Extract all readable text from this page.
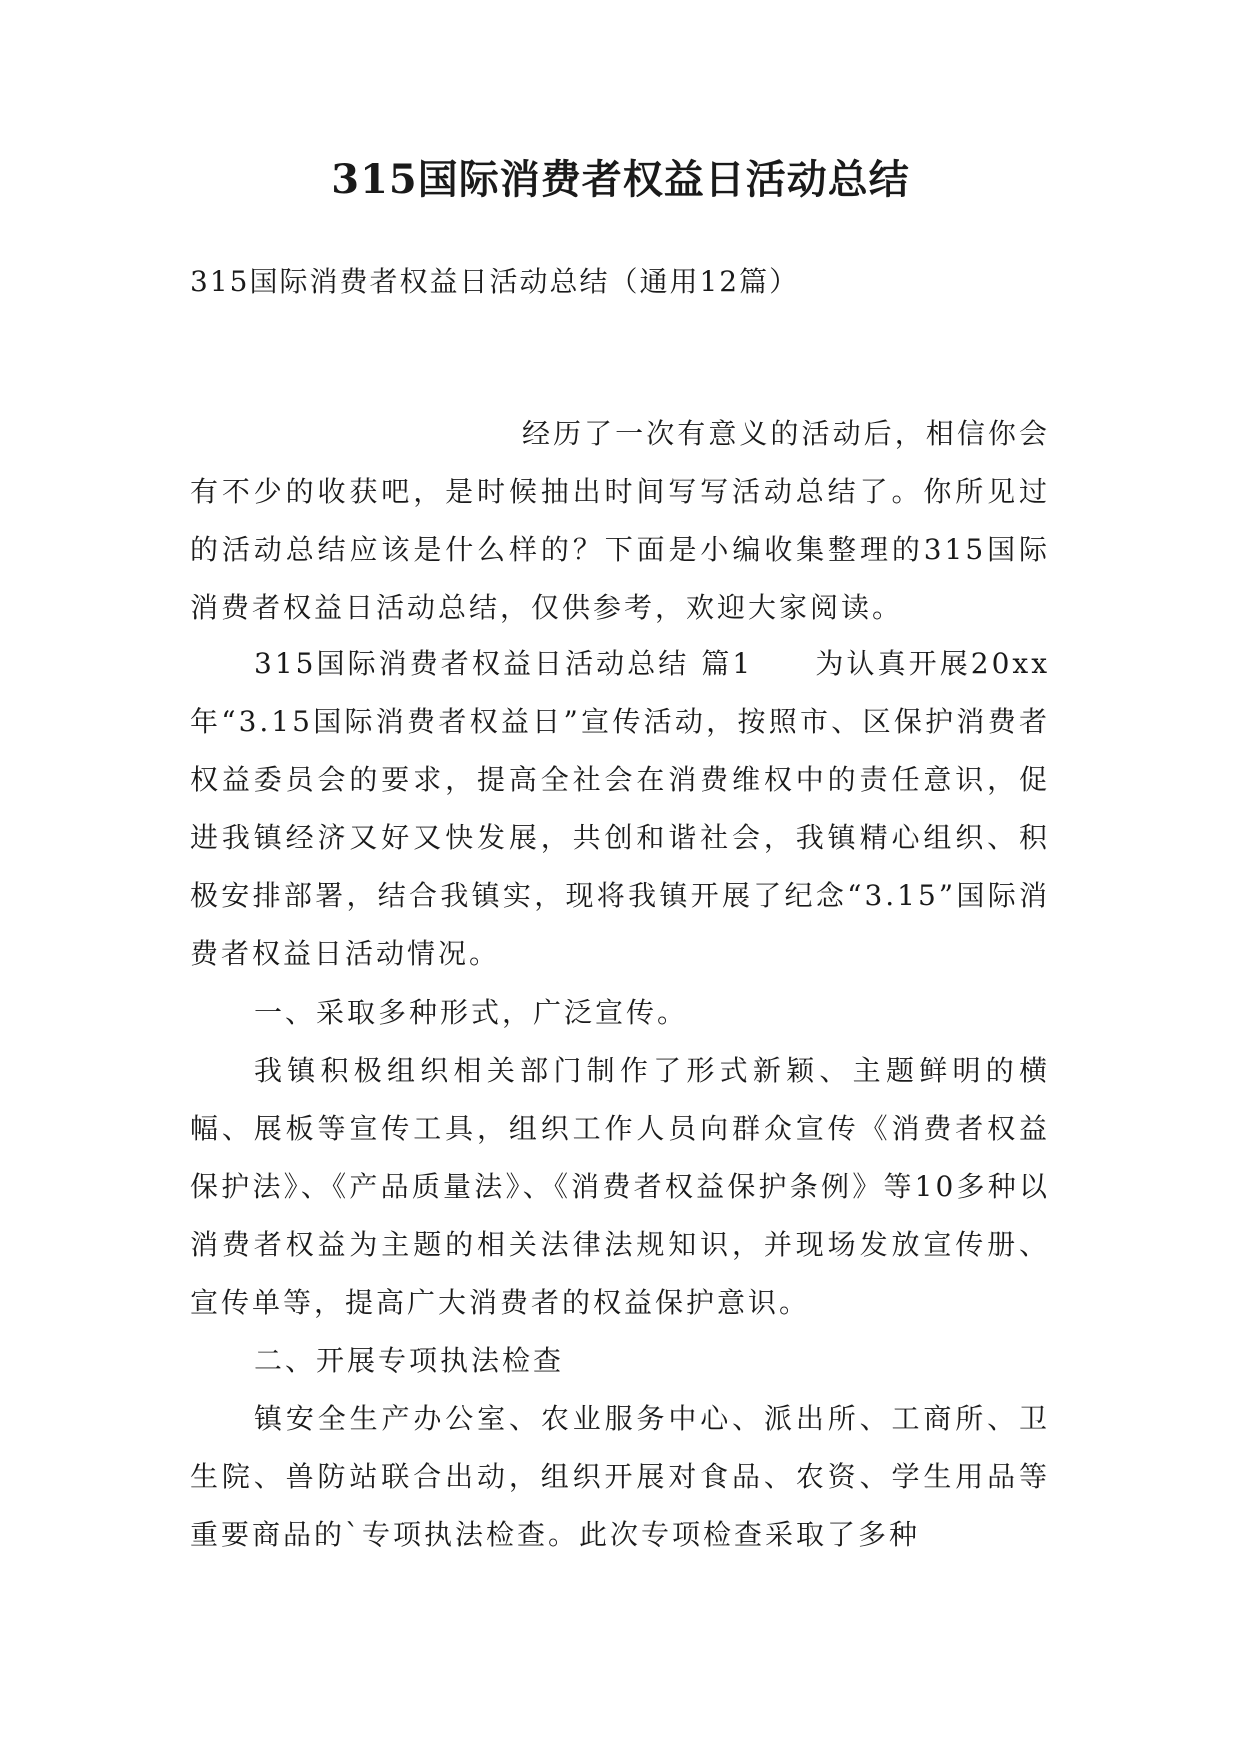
315国际消费者权益日活动总结
315国际消费者权益日活动总结（通用12篇）

经历了一次有意义的活动后，相信你会有不少的收获吧，是时候抽出时间写写活动总结了。你所见过的活动总结应该是什么样的？下面是小编收集整理的315国际消费者权益日活动总结，仅供参考，欢迎大家阅读。

315国际消费者权益日活动总结 篇1　　为认真开展20xx年“3.15国际消费者权益日”宣传活动，按照市、区保护消费者权益委员会的要求，提高全社会在消费维权中的责任意识，促进我镇经济又好又快发展，共创和谐社会，我镇精心组织、积极安排部署，结合我镇实，现将我镇开展了纪念“3.15”国际消费者权益日活动情况。

一、采取多种形式，广泛宣传。

我镇积极组织相关部门制作了形式新颖、主题鲜明的横幅、展板等宣传工具，组织工作人员向群众宣传《消费者权益保护法》、《产品质量法》、《消费者权益保护条例》等10多种以消费者权益为主题的相关法律法规知识，并现场发放宣传册、宣传单等，提高广大消费者的权益保护意识。

二、开展专项执法检查

镇安全生产办公室、农业服务中心、派出所、工商所、卫生院、兽防站联合出动，组织开展对食品、农资、学生用品等重要商品的`专项执法检查。此次专项检查采取了多种
